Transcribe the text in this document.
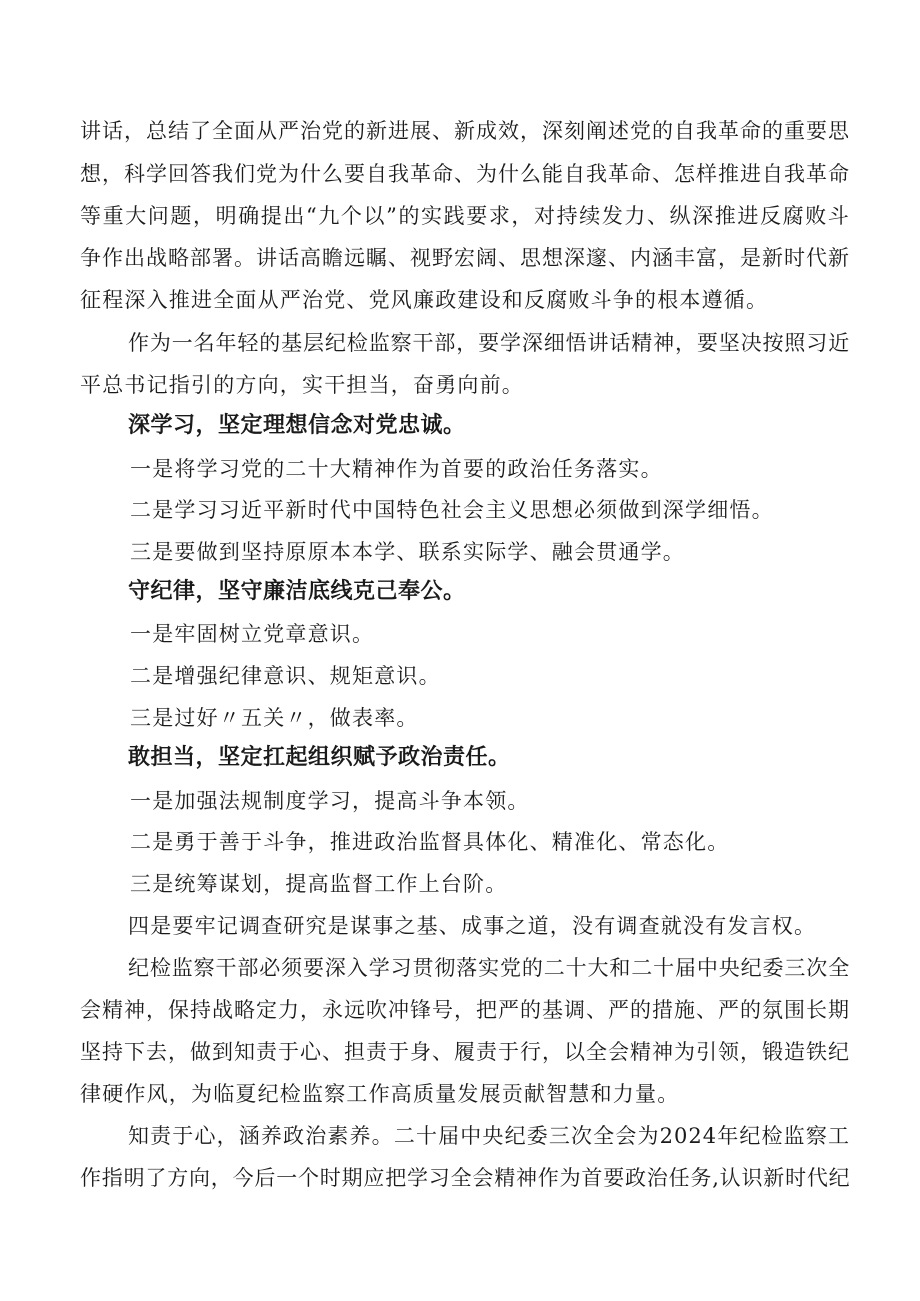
讲话，总结了全面从严治党的新进展、新成效，深刻阐述党的自我革命的重要思
想，科学回答我们党为什么要自我革命、为什么能自我革命、怎样推进自我革命
等重大问题，明确提出“九个以”的实践要求，对持续发力、纵深推进反腐败斗
争作出战略部署。讲话高瞻远瞩、视野宏阔、思想深邃、内涵丰富，是新时代新
征程深入推进全面从严治党、党风廉政建设和反腐败斗争的根本遵循。
作为一名年轻的基层纪检监察干部，要学深细悟讲话精神，要坚决按照习近
平总书记指引的方向，实干担当，奋勇向前。
深学习，坚定理想信念对党忠诚。
一是将学习党的二十大精神作为首要的政治任务落实。
二是学习习近平新时代中国特色社会主义思想必须做到深学细悟。
三是要做到坚持原原本本学、联系实际学、融会贯通学。
守纪律，坚守廉洁底线克己奉公。
一是牢固树立党章意识。
二是增强纪律意识、规矩意识。
三是过好〃五关〃，做表率。
敢担当，坚定扛起组织赋予政治责任。
一是加强法规制度学习，提高斗争本领。
二是勇于善于斗争，推进政治监督具体化、精准化、常态化。
三是统筹谋划，提高监督工作上台阶。
四是要牢记调查研究是谋事之基、成事之道，没有调查就没有发言权。
纪检监察干部必须要深入学习贯彻落实党的二十大和二十届中央纪委三次全
会精神，保持战略定力，永远吹冲锋号，把严的基调、严的措施、严的氛围长期
坚持下去，做到知责于心、担责于身、履责于行，以全会精神为引领，锻造铁纪
律硬作风，为临夏纪检监察工作高质量发展贡献智慧和力量。
知责于心，涵养政治素养。二十届中央纪委三次全会为2024年纪检监察工
作指明了方向，今后一个时期应把学习全会精神作为首要政治任务,认识新时代纪
